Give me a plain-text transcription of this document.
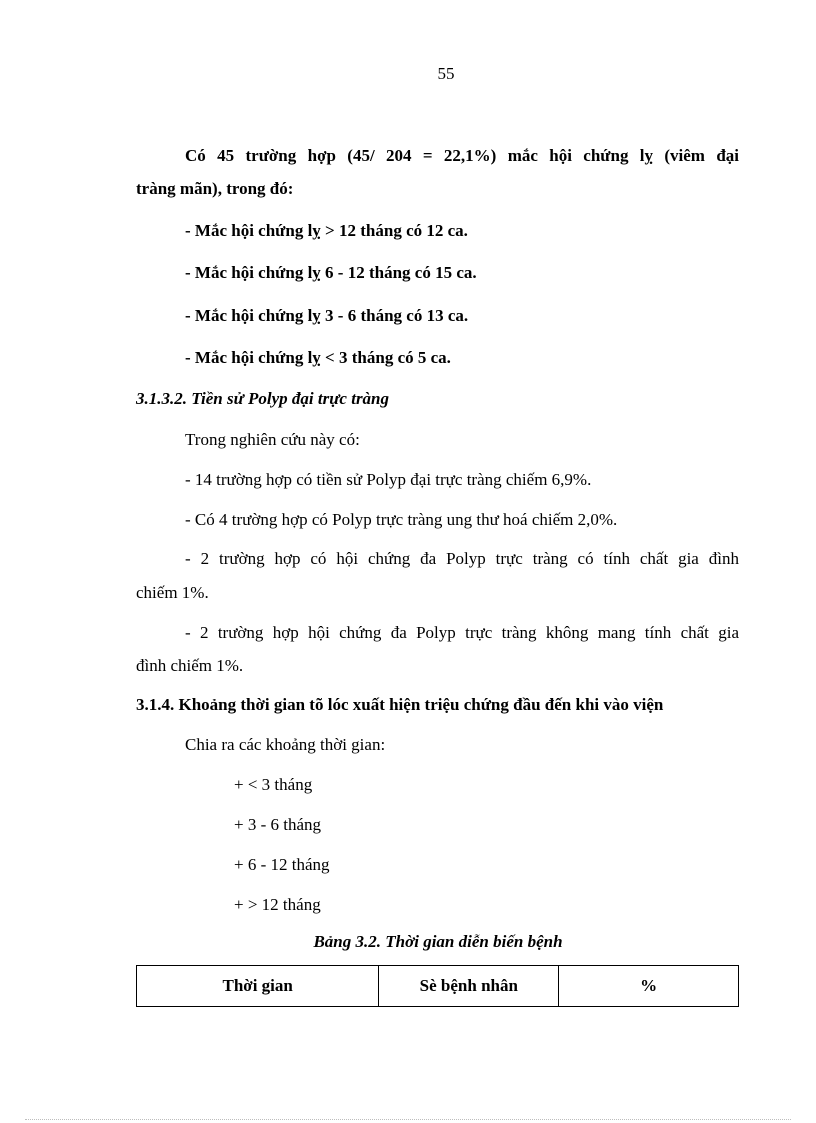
55
Có 45 trường hợp (45/ 204 = 22,1%) mắc hội chứng lỵ (viêm đại
tràng mãn), trong đó:
- Mắc hội chứng lỵ > 12 tháng có 12 ca.
- Mắc hội chứng lỵ 6 - 12 tháng có 15 ca.
- Mắc hội chứng lỵ 3 - 6 tháng có 13 ca.
- Mắc hội chứng lỵ < 3 tháng có 5 ca.
3.1.3.2. Tiền sử Polyp đại trực tràng
Trong nghiên cứu này có:
- 14 trường hợp có tiền sử Polyp đại trực tràng chiếm 6,9%.
- Có 4 trường hợp có Polyp trực tràng ung thư hoá chiếm 2,0%.
- 2 trường hợp có hội chứng đa Polyp trực tràng có tính chất gia đình
chiếm 1%.
- 2 trường hợp hội chứng đa Polyp trực tràng không mang tính chất gia
đình chiếm 1%.
3.1.4. Khoảng thời gian tõ lóc xuất hiện triệu chứng đầu đến khi vào viện
Chia ra các khoảng thời gian:
+ < 3 tháng
+ 3 - 6 tháng
+ 6 - 12 tháng
+ > 12 tháng
Bảng 3.2. Thời gian diễn biến bệnh
Thời gian	Sè bệnh nhân	%
